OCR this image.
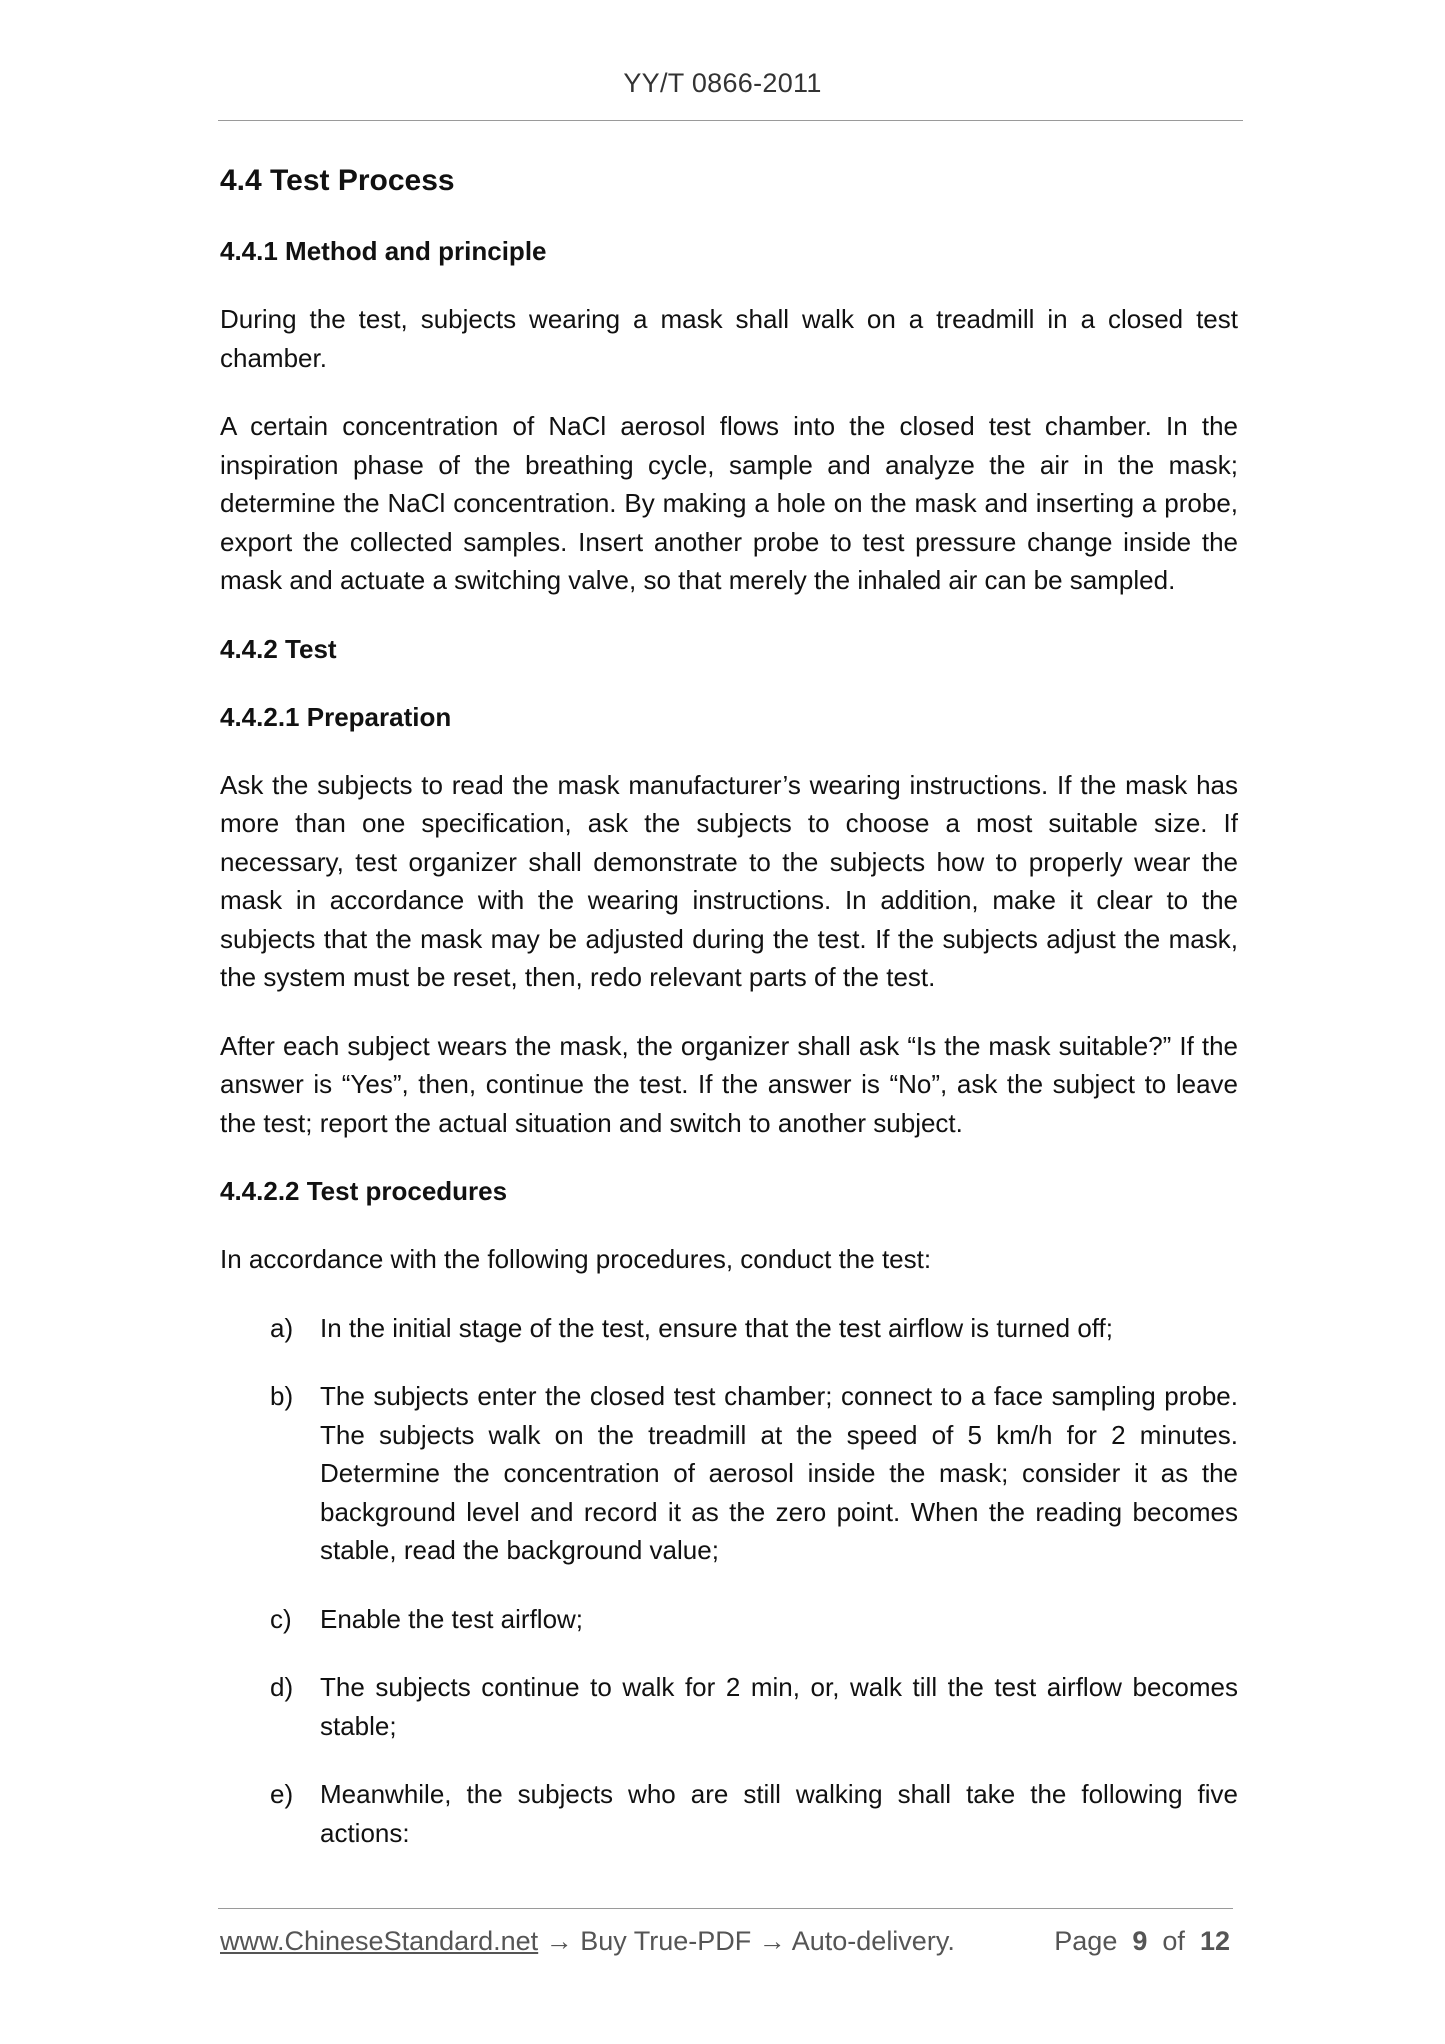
YY/T 0866-2011
4.4 Test Process
4.4.1 Method and principle

During the test, subjects wearing a mask shall walk on a treadmill in a closed test chamber.

A certain concentration of NaCl aerosol flows into the closed test chamber. In the inspiration phase of the breathing cycle, sample and analyze the air in the mask; determine the NaCl concentration. By making a hole on the mask and inserting a probe, export the collected samples. Insert another probe to test pressure change inside the mask and actuate a switching valve, so that merely the inhaled air can be sampled.

4.4.2 Test
4.4.2.1 Preparation

Ask the subjects to read the mask manufacturer’s wearing instructions. If the mask has more than one specification, ask the subjects to choose a most suitable size. If necessary, test organizer shall demonstrate to the subjects how to properly wear the mask in accordance with the wearing instructions. In addition, make it clear to the subjects that the mask may be adjusted during the test. If the subjects adjust the mask, the system must be reset, then, redo relevant parts of the test.

After each subject wears the mask, the organizer shall ask “Is the mask suitable?” If the answer is “Yes”, then, continue the test. If the answer is “No”, ask the subject to leave the test; report the actual situation and switch to another subject.

4.4.2.2 Test procedures

In accordance with the following procedures, conduct the test:

a)	In the initial stage of the test, ensure that the test airflow is turned off;
b)	The subjects enter the closed test chamber; connect to a face sampling probe. The subjects walk on the treadmill at the speed of 5 km/h for 2 minutes. Determine the concentration of aerosol inside the mask; consider it as the background level and record it as the zero point. When the reading becomes stable, read the background value;
c)	Enable the test airflow;
d)	The subjects continue to walk for 2 min, or, walk till the test airflow becomes stable;
e)	Meanwhile, the subjects who are still walking shall take the following five actions:
www.ChineseStandard.net → Buy True-PDF → Auto-delivery.	Page 9 of 12
